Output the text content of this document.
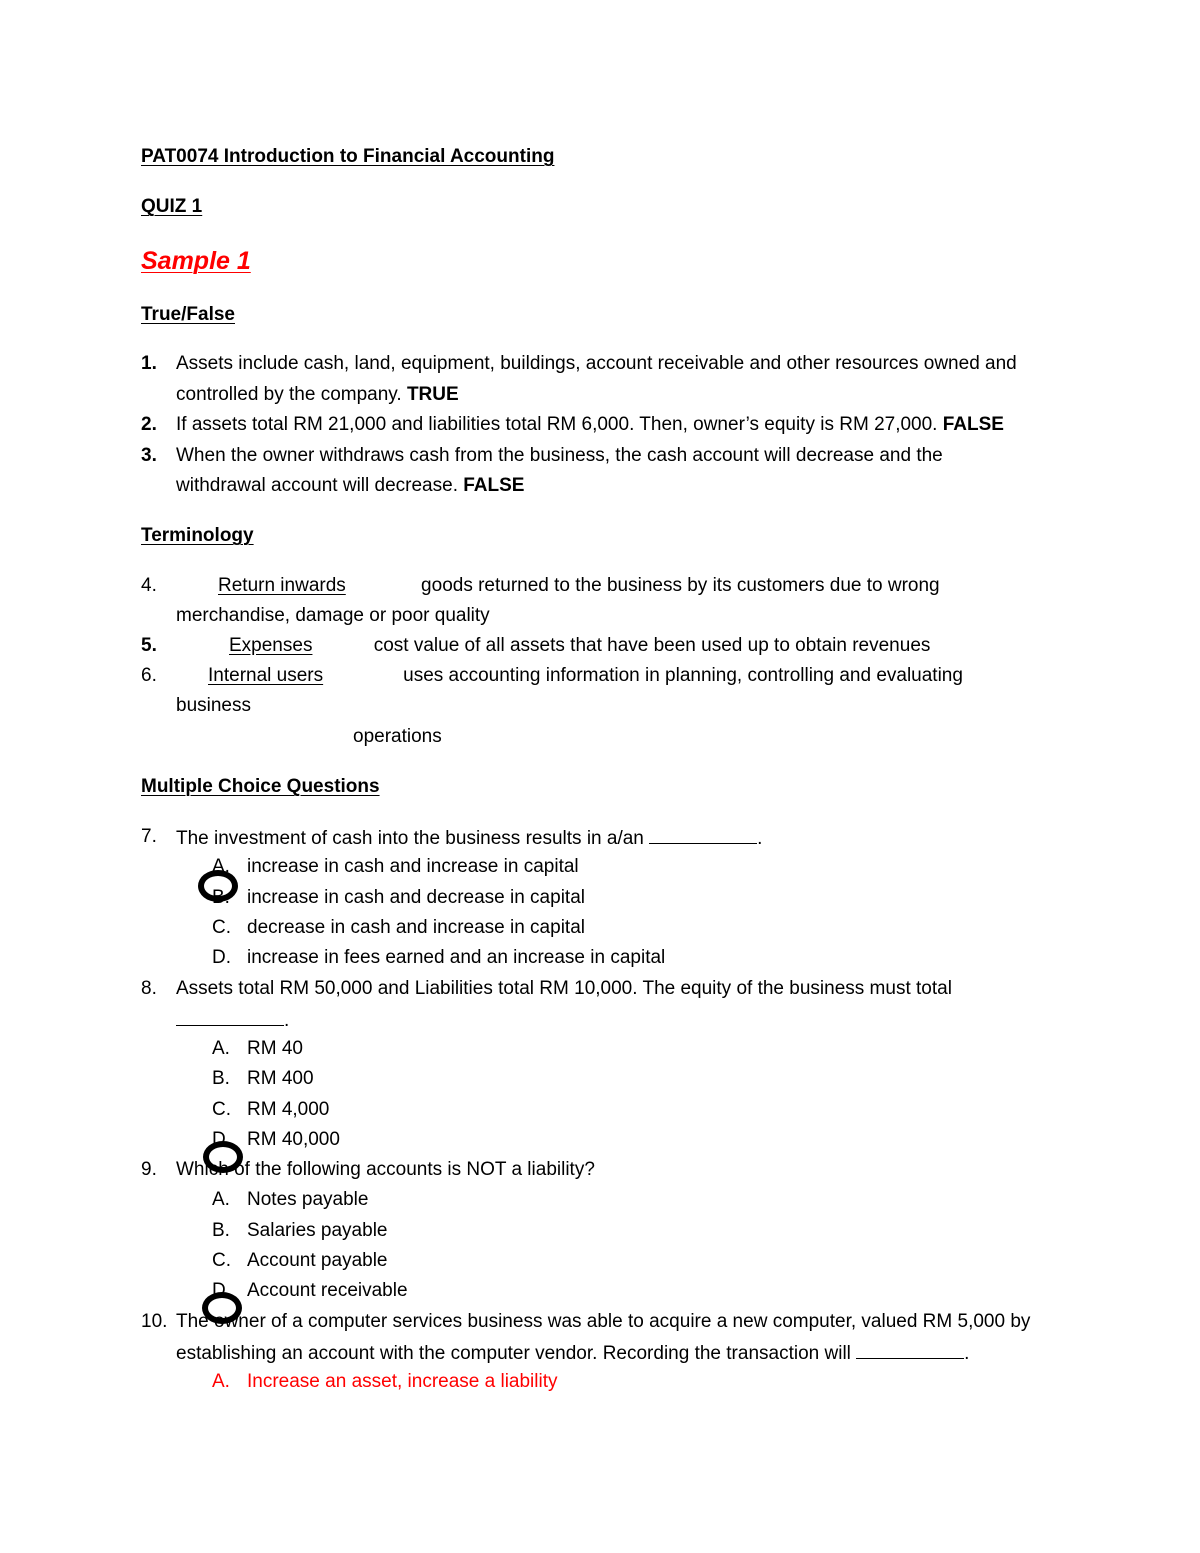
PAT0074 Introduction to Financial Accounting
QUIZ 1
Sample 1
True/False
1. Assets include cash, land, equipment, buildings, account receivable and other resources owned and
controlled by the company. TRUE
2. If assets total RM 21,000 and liabilities total RM 6,000. Then, owner’s equity is RM 27,000. FALSE
3. When the owner withdraws cash from the business, the cash account will decrease and the
withdrawal account will decrease. FALSE
Terminology
4.	Return inwards	goods returned to the business by its customers due to wrong
merchandise, damage or poor quality
5.	Expenses	cost value of all assets that have been used up to obtain revenues
6.	Internal users	uses accounting information in planning, controlling and evaluating
business
operations
Multiple Choice Questions
7. The investment of cash into the business results in a/an	.
A. increase in cash and increase in capital
B. increase in cash and decrease in capital
C. decrease in cash and increase in capital
D. increase in fees earned and an increase in capital
8. Assets total RM 50,000 and Liabilities total RM 10,000. The equity of the business must total
.
A. RM 40
B. RM 400
C. RM 4,000
D. RM 40,000
9. Which of the following accounts is NOT a liability?
A. Notes payable
B. Salaries payable
C. Account payable
D. Account receivable
10. The owner of a computer services business was able to acquire a new computer, valued RM 5,000 by
establishing an account with the computer vendor. Recording the transaction will	.
A. Increase an asset, increase a liability
